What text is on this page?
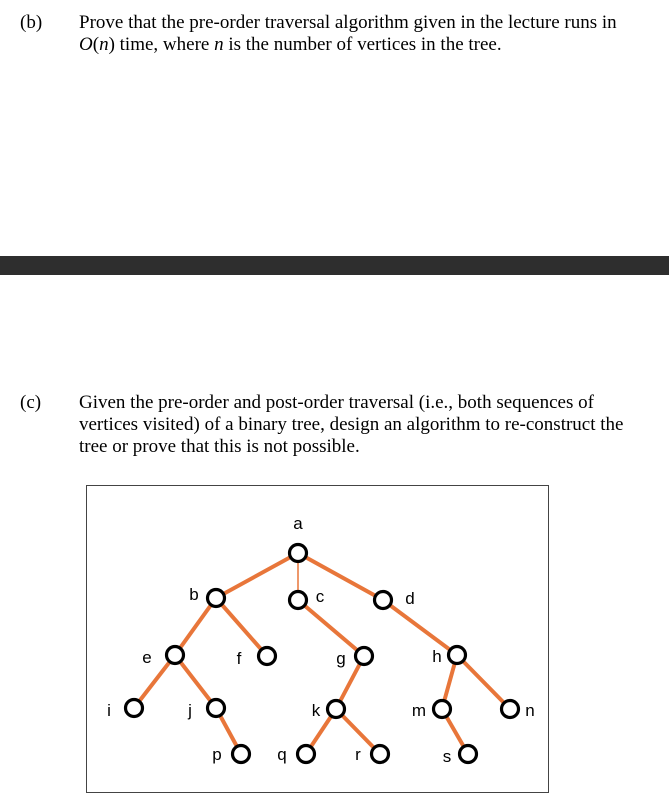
(b) Prove that the pre-order traversal algorithm given in the lecture runs in

O(n) time, where n is the number of vertices in the tree.

(c) Given the pre-order and post-order traversal (i.e., both sequences of

vertices visited) of a binary tree, design an algorithm to re-construct the

tree or prove that this is not possible.

a
b	c	d
e	f	g	h
i	j	k	m	n
p	q	r	s
